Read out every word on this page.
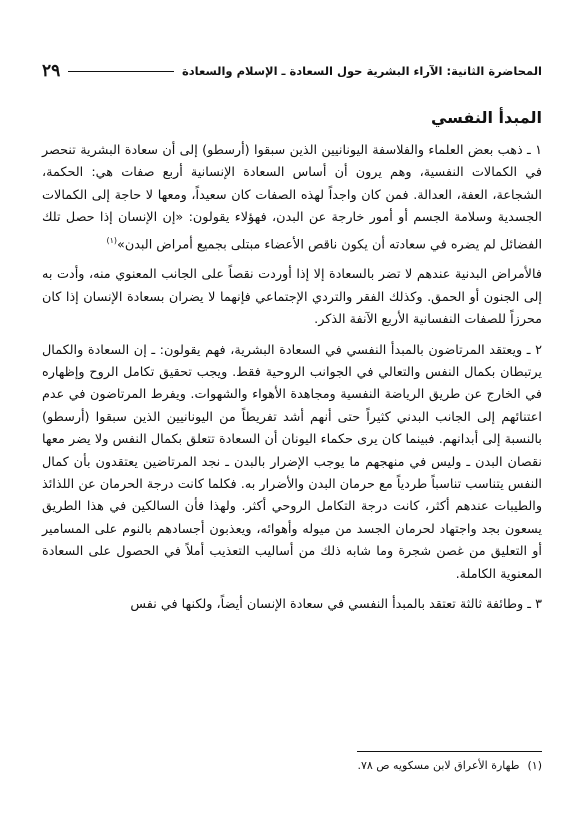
المحاضرة الثانية: الآراء البشرية حول السعادة ـ الإسلام والسعادة
٢٩
المبدأ النفسي

١ ـ ذهب بعض العلماء والفلاسفة اليونانيين الذين سبقوا (أرسطو) إلى أن سعادة البشرية تنحصر في الكمالات النفسية، وهم يرون أن أساس السعادة الإنسانية أربع صفات هي: الحكمة، الشجاعة، العفة، العدالة. فمن كان واجداً لهذه الصفات كان سعيداً، ومعها لا حاجة إلى الكمالات الجسدية وسلامة الجسم أو أمور خارجة عن البدن، فهؤلاء يقولون: «إن الإنسان إذا حصل تلك الفضائل لم يضره في سعادته أن يكون ناقص الأعضاء مبتلى بجميع أمراض البدن»$^{(١)}$

فالأمراض البدنية عندهم لا تضر بالسعادة إلا إذا أوردت نقصاً على الجانب المعنوي منه، وأدت به إلى الجنون أو الحمق. وكذلك الفقر والتردي الإجتماعي فإنهما لا يضران بسعادة الإنسان إذا كان محرزاً للصفات النفسانية الأربع الآنفة الذكر.

٢ ـ ويعتقد المرتاضون بالمبدأ النفسي في السعادة البشرية، فهم يقولون: ـ إن السعادة والكمال يرتبطان بكمال النفس والتعالي في الجوانب الروحية فقط. ويجب تحقيق تكامل الروح وإظهاره في الخارج عن طريق الرياضة النفسية ومجاهدة الأهواء والشهوات. ويفرط المرتاضون في عدم اعتنائهم إلى الجانب البدني كثيراً حتى أنهم أشد تفريطاً من اليونانيين الذين سبقوا (أرسطو) بالنسبة إلى أبدانهم. فبينما كان يرى حكماء اليونان أن السعادة تتعلق بكمال النفس ولا يضر معها نقصان البدن ـ وليس في منهجهم ما يوجب الإضرار بالبدن ـ نجد المرتاضين يعتقدون بأن كمال النفس يتناسب تناسباً طردياً مع حرمان البدن والأضرار به. فكلما كانت درجة الحرمان عن اللذائذ والطيبات عندهم أكثر، كانت درجة التكامل الروحي أكثر. ولهذا فأن السالكين في هذا الطريق يسعون بجد واجتهاد لحرمان الجسد من ميوله وأهوائه، ويعذبون أجسادهم بالنوم على المسامير أو التعليق من غصن شجرة وما شابه ذلك من أساليب التعذيب أملاً في الحصول على السعادة المعنوية الكاملة.

٣ ـ وطائفة ثالثة تعتقد بالمبدأ النفسي في سعادة الإنسان أيضاً، ولكنها في نفس

(١)
طهارة الأعراق لابن مسكويه ص ٧٨.
